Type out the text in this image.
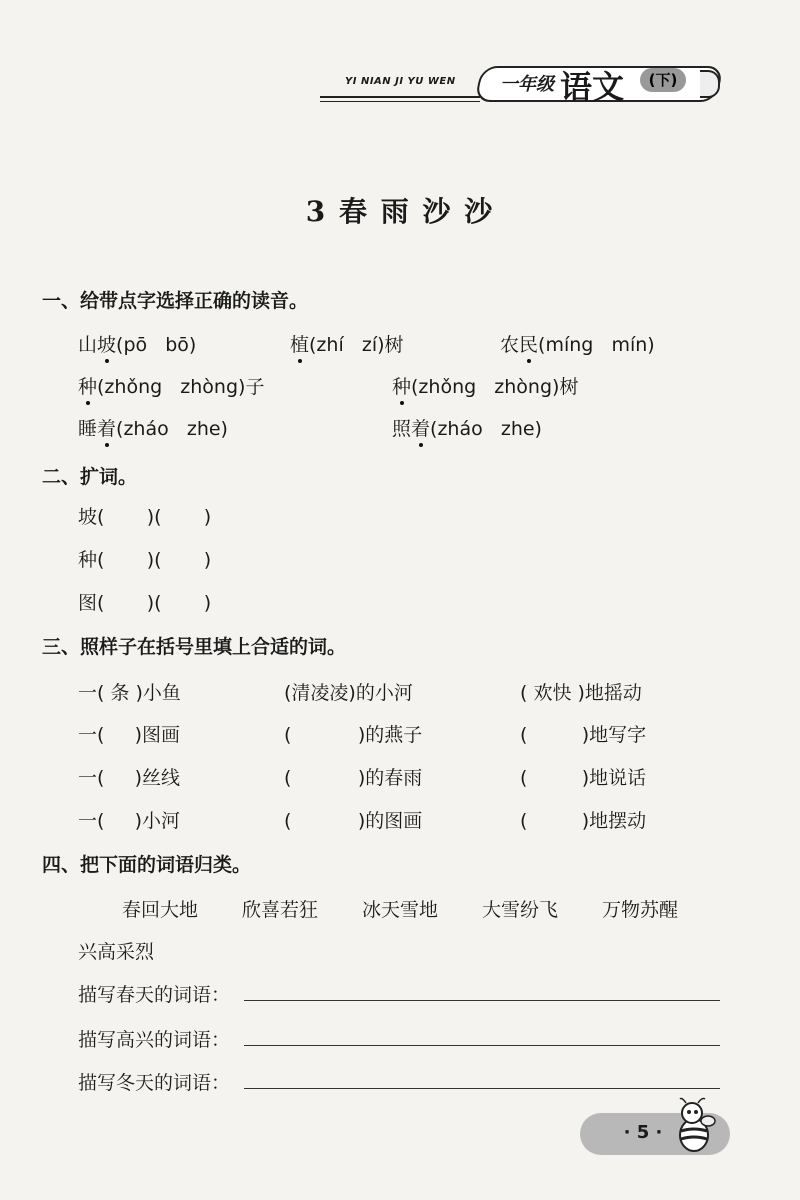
YI NIAN JI YU WEN 一年级 语文	(下)
3 春 雨 沙 沙
一、给带点字选择正确的读音。
山坡(pō   bō)	植(zhí   zí)树	农民(míng   mín)
种(zhǒng   zhòng)子	种(zhǒng   zhòng)树
睡着(zháo   zhe)	照着(zháo   zhe)
二、扩词。
坡(       )(       )
种(       )(       )
图(       )(       )
三、照样子在括号里填上合适的词。
一( 条 )小鱼	(清凌凌)的小河	( 欢快 )地摇动
一(     )图画	(           )的燕子	(         )地写字
一(     )丝线	(           )的春雨	(         )地说话
一(     )小河	(           )的图画	(         )地摆动
四、把下面的词语归类。
春回大地 欣喜若狂 冰天雪地 大雪纷飞 万物苏醒
兴高采烈
描写春天的词语：
描写高兴的词语：
描写冬天的词语：
· 5 ·
